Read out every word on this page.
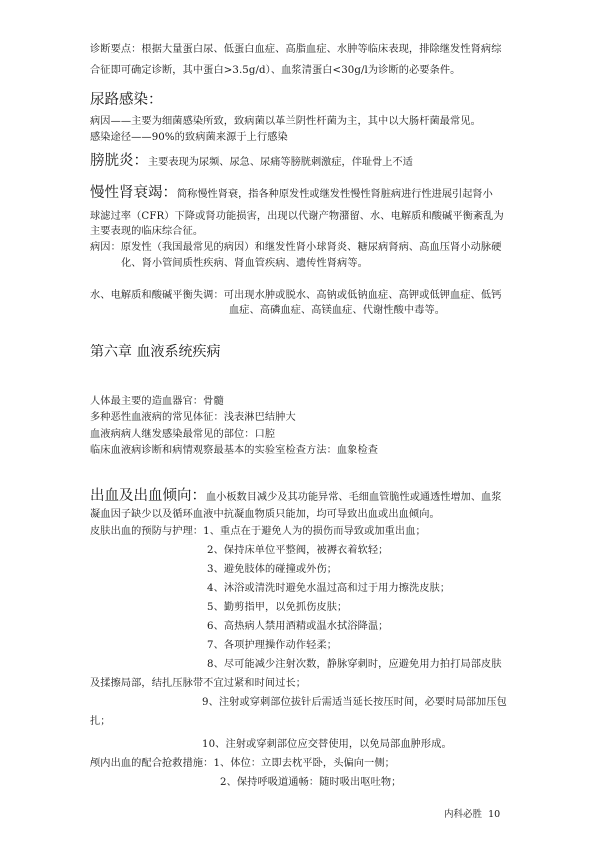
诊断要点：根据大量蛋白尿、低蛋白血症、高脂血症、水肿等临床表现，排除继发性肾病综
合征即可确定诊断，其中蛋白>3.5g/d）、血浆清蛋白<30g/l为诊断的必要条件。
尿路感染：
病因——主要为细菌感染所致，致病菌以革兰阴性杆菌为主，其中以大肠杆菌最常见。
感染途径——90%的致病菌来源于上行感染
膀胱炎：主要表现为尿频、尿急、尿痛等膀胱刺激症，伴耻骨上不适
慢性肾衰竭：简称慢性肾衰，指各种原发性或继发性慢性肾脏病进行性进展引起肾小
球滤过率（CFR）下降或肾功能损害，出现以代谢产物潴留、水、电解质和酸碱平衡紊乱为
主要表现的临床综合征。
病因：原发性（我国最常见的病因）和继发性肾小球肾炎、糖尿病肾病、高血压肾小动脉硬
化、肾小管间质性疾病、肾血管疾病、遗传性肾病等。
水、电解质和酸碱平衡失调：可出现水肿或脱水、高钠或低钠血症、高钾或低钾血症、低钙
血症、高磷血症、高镁血症、代谢性酸中毒等。
第六章 血液系统疾病
人体最主要的造血器官：骨髓
多种恶性血液病的常见体征：浅表淋巴结肿大
血液病病人继发感染最常见的部位：口腔
临床血液病诊断和病情观察最基本的实验室检查方法：血象检查
出血及出血倾向：血小板数目减少及其功能异常、毛细血管脆性或通透性增加、血浆
凝血因子缺少以及循环血液中抗凝血物质只能加，均可导致出血或出血倾向。
皮肤出血的预防与护理：1、重点在于避免人为的损伤而导致或加重出血；
2、保持床单位平整阀，被褥衣着软轻；
3、避免肢体的碰撞或外伤；
4、沐浴或清洗时避免水温过高和过于用力擦洗皮肤；
5、勤剪指甲，以免抓伤皮肤；
6、高热病人禁用酒精或温水拭浴降温；
7、各项护理操作动作轻柔；
8、尽可能减少注射次数，静脉穿刺时，应避免用力拍打局部皮肤
及揉擦局部，结扎压脉带不宜过紧和时间过长；
9、注射或穿刺部位拔针后需适当延长按压时间，必要时局部加压包
扎；
10、注射或穿刺部位应交替使用，以免局部血肿形成。
颅内出血的配合抢救措施：1、体位：立即去枕平卧，头偏向一侧；
2、保持呼吸道通畅：随时吸出呕吐物；
内科必胜 10
